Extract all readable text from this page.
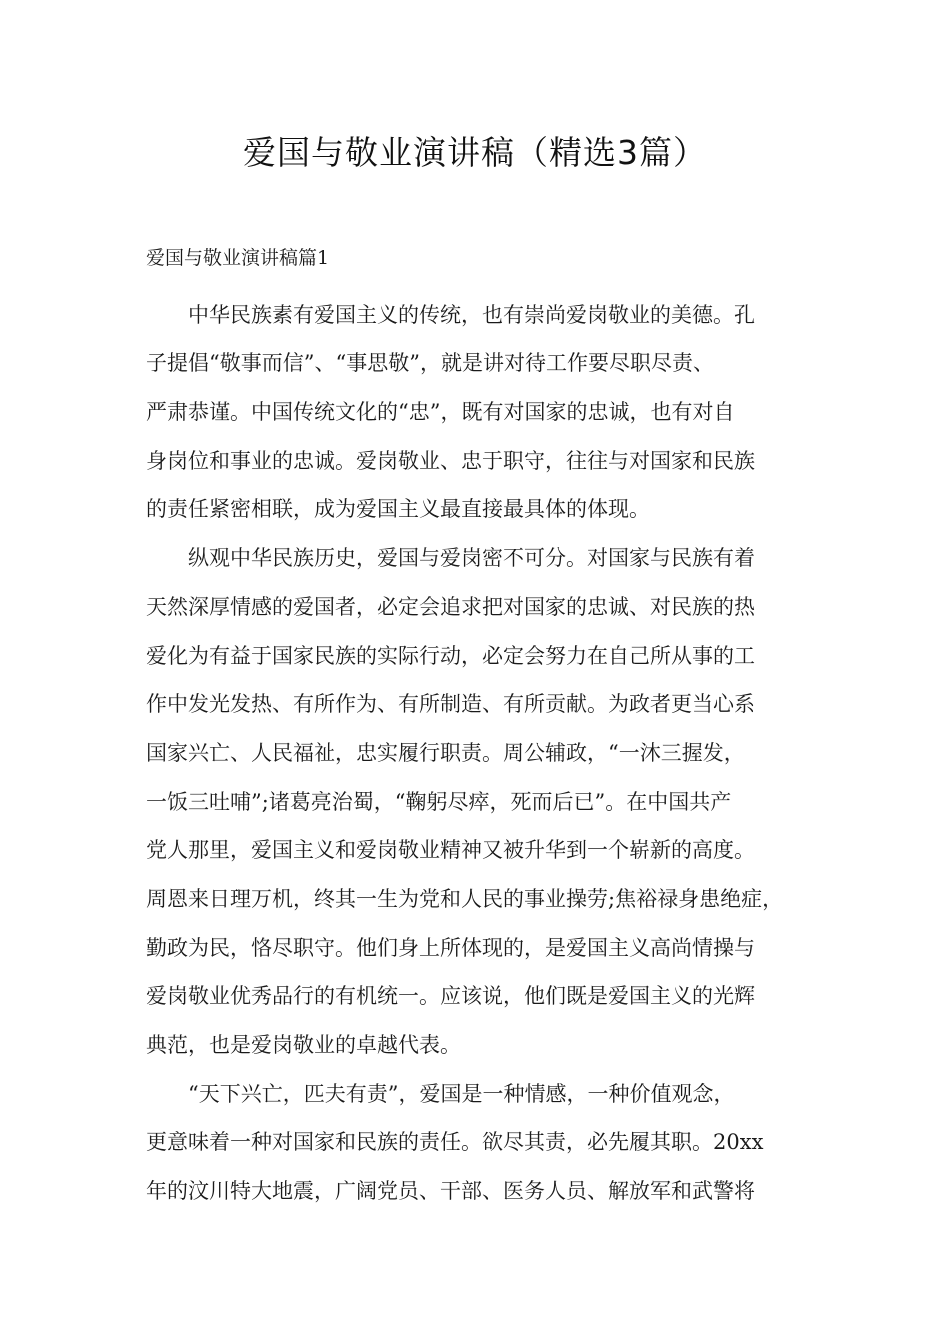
爱国与敬业演讲稿（精选3篇）
爱国与敬业演讲稿篇1
中华民族素有爱国主义的传统，也有崇尚爱岗敬业的美德。孔
子提倡“敬事而信”、“事思敬”，就是讲对待工作要尽职尽责、
严肃恭谨。中国传统文化的“忠”，既有对国家的忠诚，也有对自
身岗位和事业的忠诚。爱岗敬业、忠于职守，往往与对国家和民族
的责任紧密相联，成为爱国主义最直接最具体的体现。
纵观中华民族历史，爱国与爱岗密不可分。对国家与民族有着
天然深厚情感的爱国者，必定会追求把对国家的忠诚、对民族的热
爱化为有益于国家民族的实际行动，必定会努力在自己所从事的工
作中发光发热、有所作为、有所制造、有所贡献。为政者更当心系
国家兴亡、人民福祉，忠实履行职责。周公辅政，“一沐三握发，
一饭三吐哺”;诸葛亮治蜀，“鞠躬尽瘁，死而后已”。在中国共产
党人那里，爱国主义和爱岗敬业精神又被升华到一个崭新的高度。
周恩来日理万机，终其一生为党和人民的事业操劳;焦裕禄身患绝症，
勤政为民，恪尽职守。他们身上所体现的，是爱国主义高尚情操与
爱岗敬业优秀品行的有机统一。应该说，他们既是爱国主义的光辉
典范，也是爱岗敬业的卓越代表。
“天下兴亡，匹夫有责”，爱国是一种情感，一种价值观念，
更意味着一种对国家和民族的责任。欲尽其责，必先履其职。20xx
年的汶川特大地震，广阔党员、干部、医务人员、解放军和武警将
